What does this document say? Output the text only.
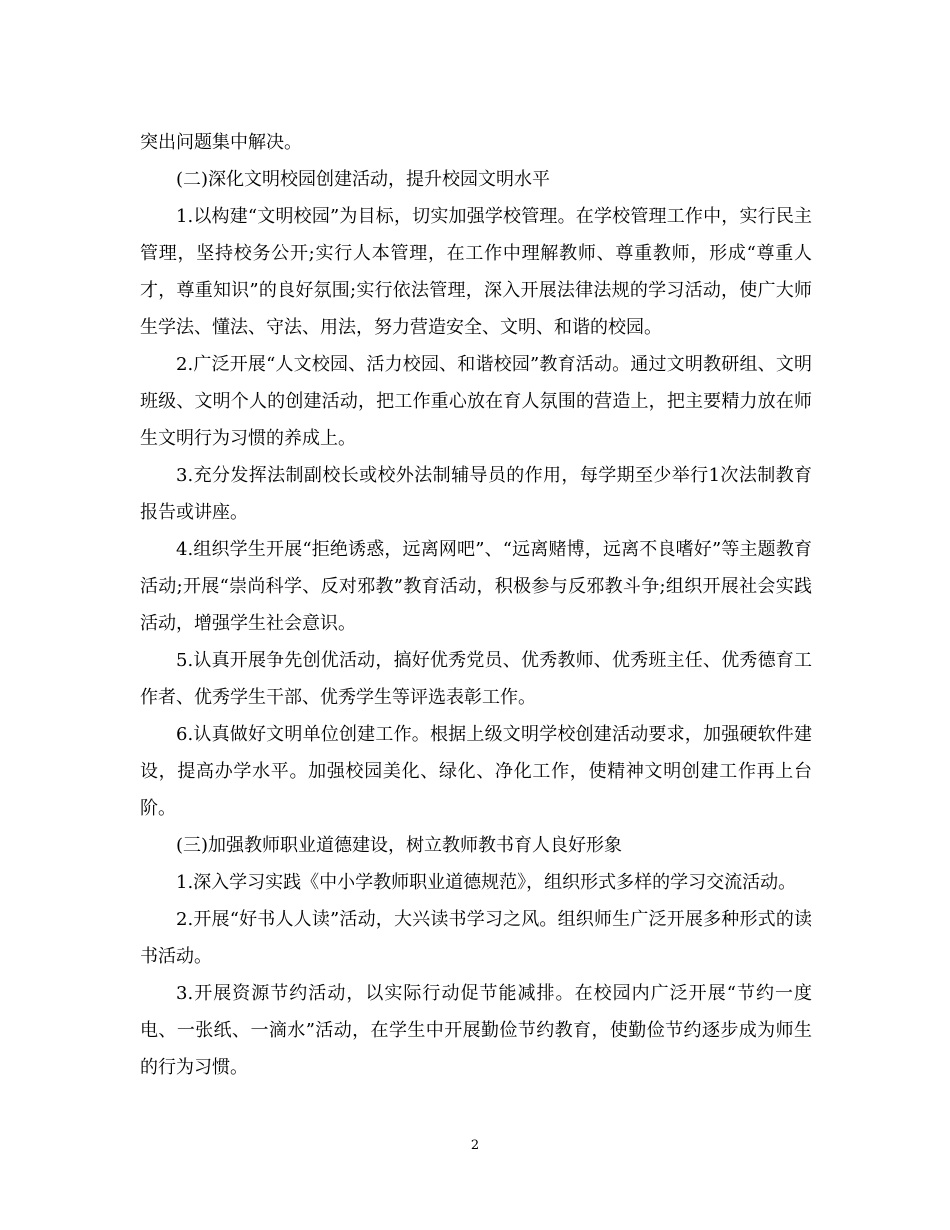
突出问题集中解决。

(二)深化文明校园创建活动，提升校园文明水平

1.以构建“文明校园”为目标，切实加强学校管理。在学校管理工作中，实行民主管理，坚持校务公开;实行人本管理，在工作中理解教师、尊重教师，形成“尊重人才，尊重知识”的良好氛围;实行依法管理，深入开展法律法规的学习活动，使广大师生学法、懂法、守法、用法，努力营造安全、文明、和谐的校园。

2.广泛开展“人文校园、活力校园、和谐校园”教育活动。通过文明教研组、文明班级、文明个人的创建活动，把工作重心放在育人氛围的营造上，把主要精力放在师生文明行为习惯的养成上。

3.充分发挥法制副校长或校外法制辅导员的作用，每学期至少举行1次法制教育报告或讲座。

4.组织学生开展“拒绝诱惑，远离网吧”、“远离赌博，远离不良嗜好”等主题教育活动;开展“崇尚科学、反对邪教”教育活动，积极参与反邪教斗争;组织开展社会实践活动，增强学生社会意识。

5.认真开展争先创优活动，搞好优秀党员、优秀教师、优秀班主任、优秀德育工作者、优秀学生干部、优秀学生等评选表彰工作。

6.认真做好文明单位创建工作。根据上级文明学校创建活动要求，加强硬软件建设，提高办学水平。加强校园美化、绿化、净化工作，使精神文明创建工作再上台阶。

(三)加强教师职业道德建设，树立教师教书育人良好形象

1.深入学习实践《中小学教师职业道德规范》，组织形式多样的学习交流活动。

2.开展“好书人人读”活动，大兴读书学习之风。组织师生广泛开展多种形式的读书活动。

3.开展资源节约活动，以实际行动促节能减排。在校园内广泛开展“节约一度电、一张纸、一滴水”活动，在学生中开展勤俭节约教育，使勤俭节约逐步成为师生的行为习惯。

2
